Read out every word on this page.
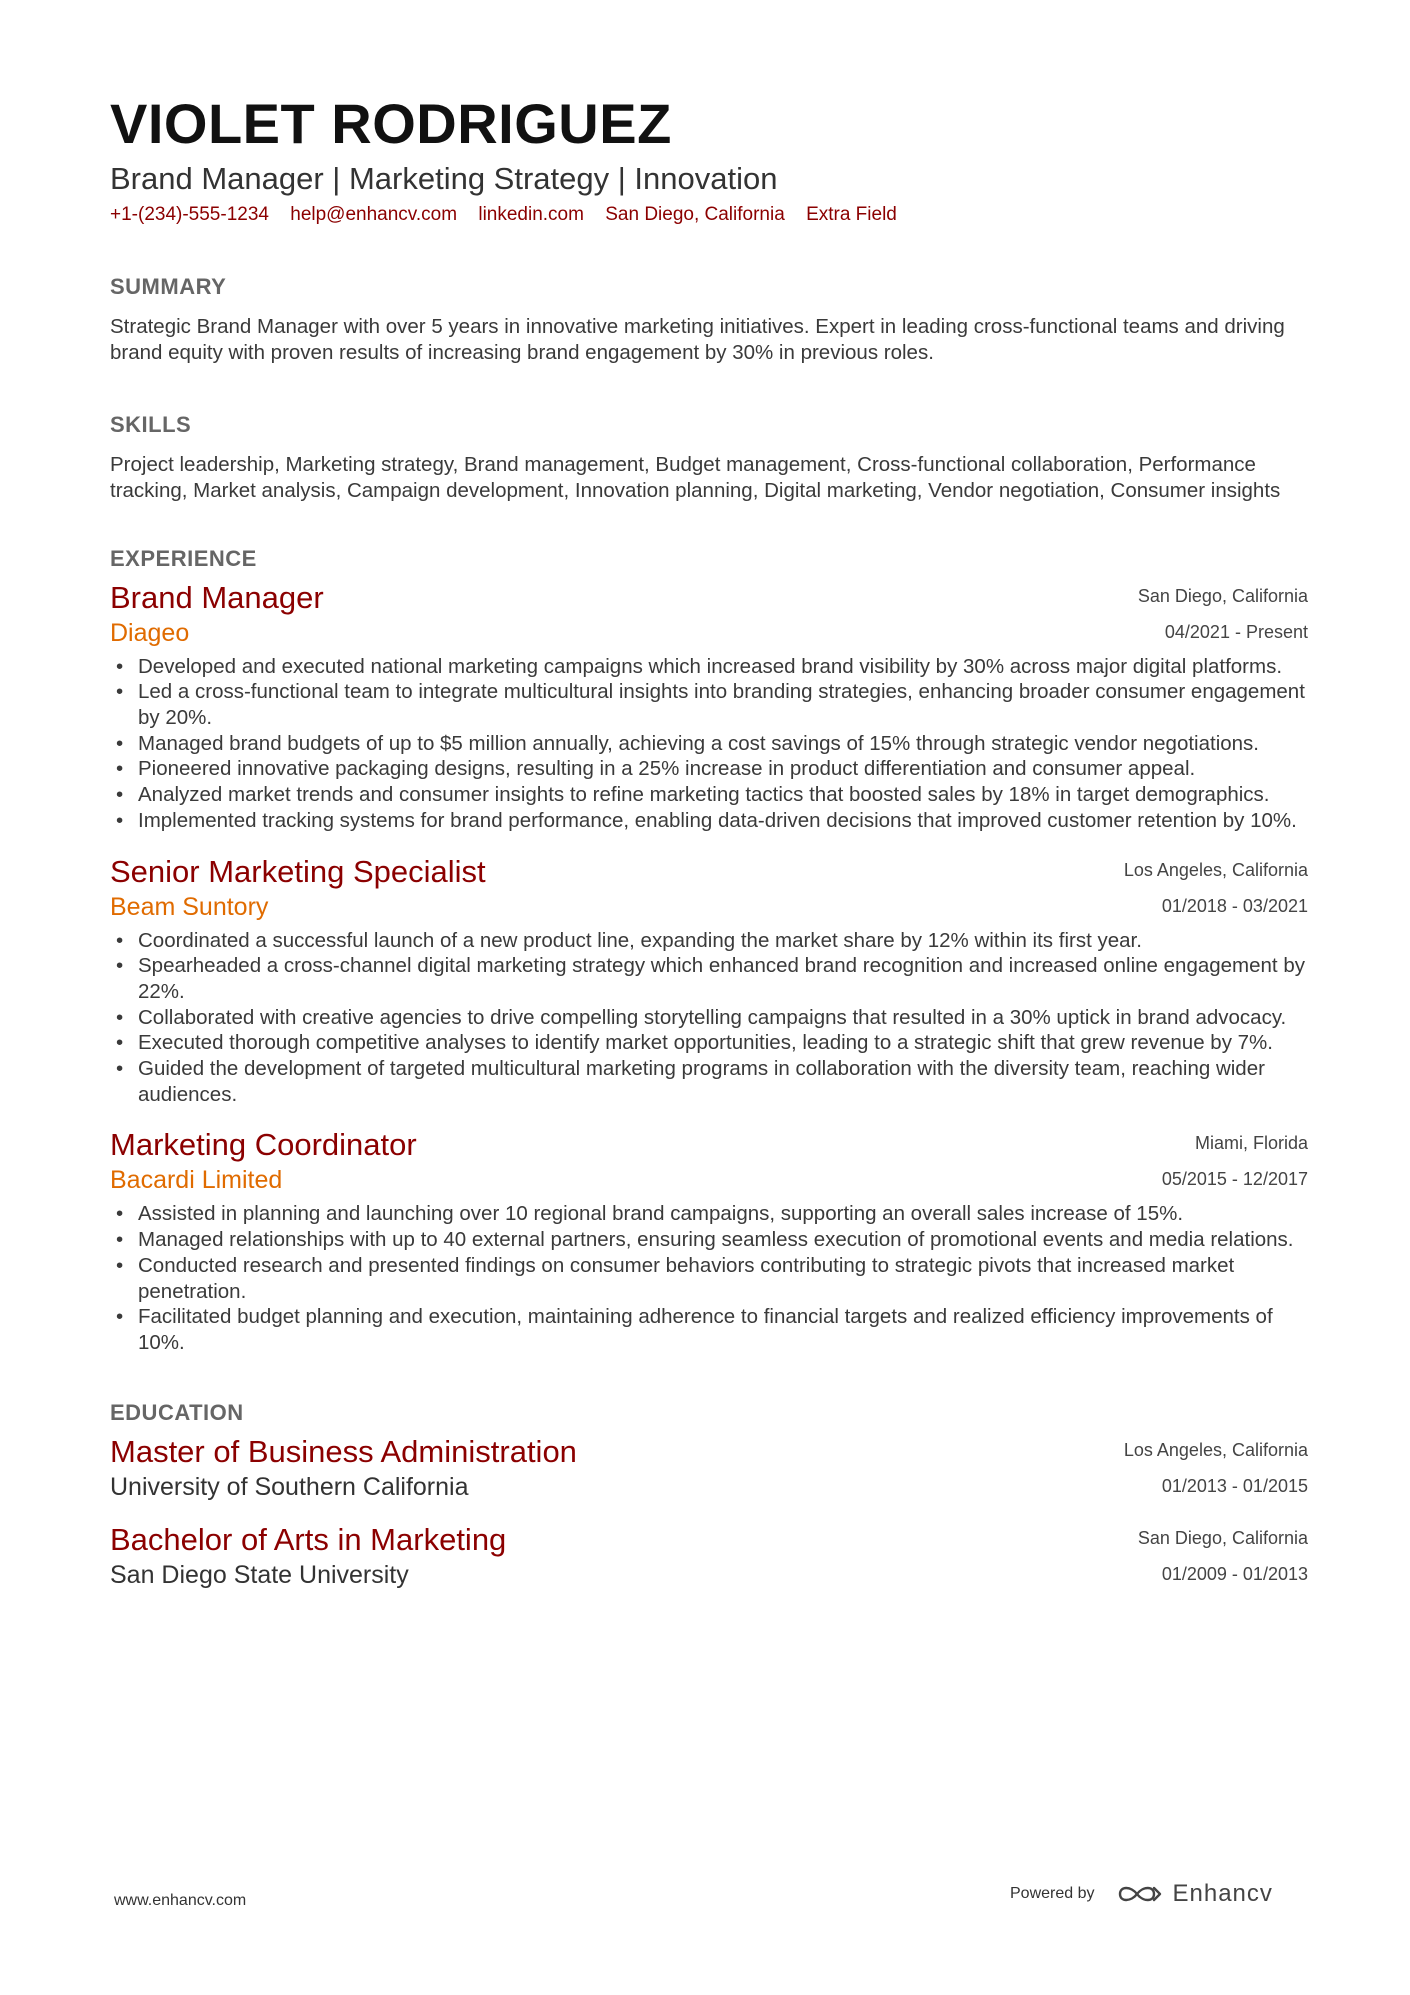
VIOLET RODRIGUEZ
Brand Manager | Marketing Strategy | Innovation
+1-(234)-555-1234 help@enhancv.com linkedin.com San Diego, California Extra Field
SUMMARY
Strategic Brand Manager with over 5 years in innovative marketing initiatives. Expert in leading cross-functional teams and driving brand equity with proven results of increasing brand engagement by 30% in previous roles.
SKILLS
Project leadership, Marketing strategy, Brand management, Budget management, Cross-functional collaboration, Performance tracking, Market analysis, Campaign development, Innovation planning, Digital marketing, Vendor negotiation, Consumer insights
EXPERIENCE
Brand Manager
Diageo
San Diego, California
04/2021 - Present
• Developed and executed national marketing campaigns which increased brand visibility by 30% across major digital platforms.
• Led a cross-functional team to integrate multicultural insights into branding strategies, enhancing broader consumer engagement by 20%.
• Managed brand budgets of up to $5 million annually, achieving a cost savings of 15% through strategic vendor negotiations.
• Pioneered innovative packaging designs, resulting in a 25% increase in product differentiation and consumer appeal.
• Analyzed market trends and consumer insights to refine marketing tactics that boosted sales by 18% in target demographics.
• Implemented tracking systems for brand performance, enabling data-driven decisions that improved customer retention by 10%.
Senior Marketing Specialist
Beam Suntory
Los Angeles, California
01/2018 - 03/2021
• Coordinated a successful launch of a new product line, expanding the market share by 12% within its first year.
• Spearheaded a cross-channel digital marketing strategy which enhanced brand recognition and increased online engagement by 22%.
• Collaborated with creative agencies to drive compelling storytelling campaigns that resulted in a 30% uptick in brand advocacy.
• Executed thorough competitive analyses to identify market opportunities, leading to a strategic shift that grew revenue by 7%.
• Guided the development of targeted multicultural marketing programs in collaboration with the diversity team, reaching wider audiences.
Marketing Coordinator
Bacardi Limited
Miami, Florida
05/2015 - 12/2017
• Assisted in planning and launching over 10 regional brand campaigns, supporting an overall sales increase of 15%.
• Managed relationships with up to 40 external partners, ensuring seamless execution of promotional events and media relations.
• Conducted research and presented findings on consumer behaviors contributing to strategic pivots that increased market penetration.
• Facilitated budget planning and execution, maintaining adherence to financial targets and realized efficiency improvements of 10%.
EDUCATION
Master of Business Administration
University of Southern California
Los Angeles, California
01/2013 - 01/2015
Bachelor of Arts in Marketing
San Diego State University
San Diego, California
01/2009 - 01/2013
www.enhancv.com	Powered by	Enhancv
